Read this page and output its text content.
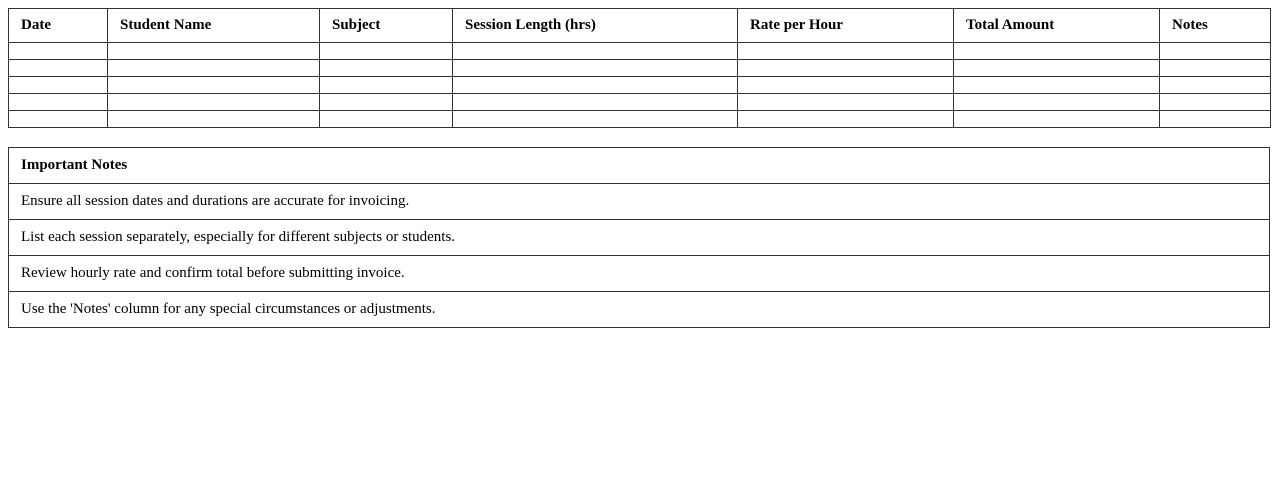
Date	Student Name	Subject	Session Length (hrs)	Rate per Hour	Total Amount	Notes

Important Notes
Ensure all session dates and durations are accurate for invoicing.
List each session separately, especially for different subjects or students.
Review hourly rate and confirm total before submitting invoice.
Use the 'Notes' column for any special circumstances or adjustments.
